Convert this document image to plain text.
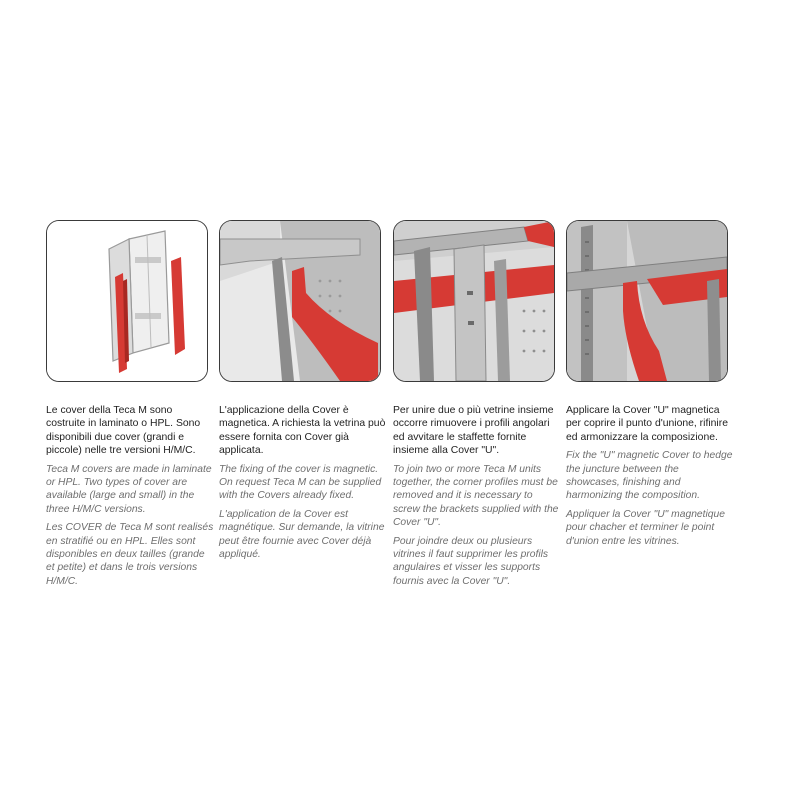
Le cover della Teca M sono costruite in laminato o HPL. Sono disponibili due cover (grandi e piccole) nelle tre versioni H/M/C.

Teca M covers are made in laminate or HPL. Two types of cover are available (large and small) in the three H/M/C versions.

Les COVER de Teca M sont realisés en stratifié ou en HPL. Elles sont disponibles en deux tailles (grande et petite) et dans le trois versions H/M/C.

L'applicazione della Cover è magnetica. A richiesta la vetrina può essere fornita con Cover già applicata.

The fixing of the cover is magnetic. On request Teca M can be supplied with the Covers already fixed.

L'application de la Cover est magnétique. Sur demande, la vitrine peut être fournie avec Cover déjà appliqué.

Per unire due o più vetrine insieme occorre rimuovere i profili angolari ed avvitare le staffette fornite insieme alla Cover "U".

To join two or more Teca M units together, the corner profiles must be removed and it is necessary to screw the brackets supplied with the Cover "U".

Pour joindre deux ou plusieurs vitrines il faut supprimer les profils angulaires et visser les supports fournis avec la Cover "U".

Applicare la Cover "U" magnetica per coprire il punto d'unione, rifinire ed armonizzare la composizione.

Fix the "U" magnetic Cover to hedge the juncture between the showcases, finishing and harmonizing the composition.

Appliquer la Cover "U" magnetique pour chacher et terminer le point d'union entre les vitrines.
